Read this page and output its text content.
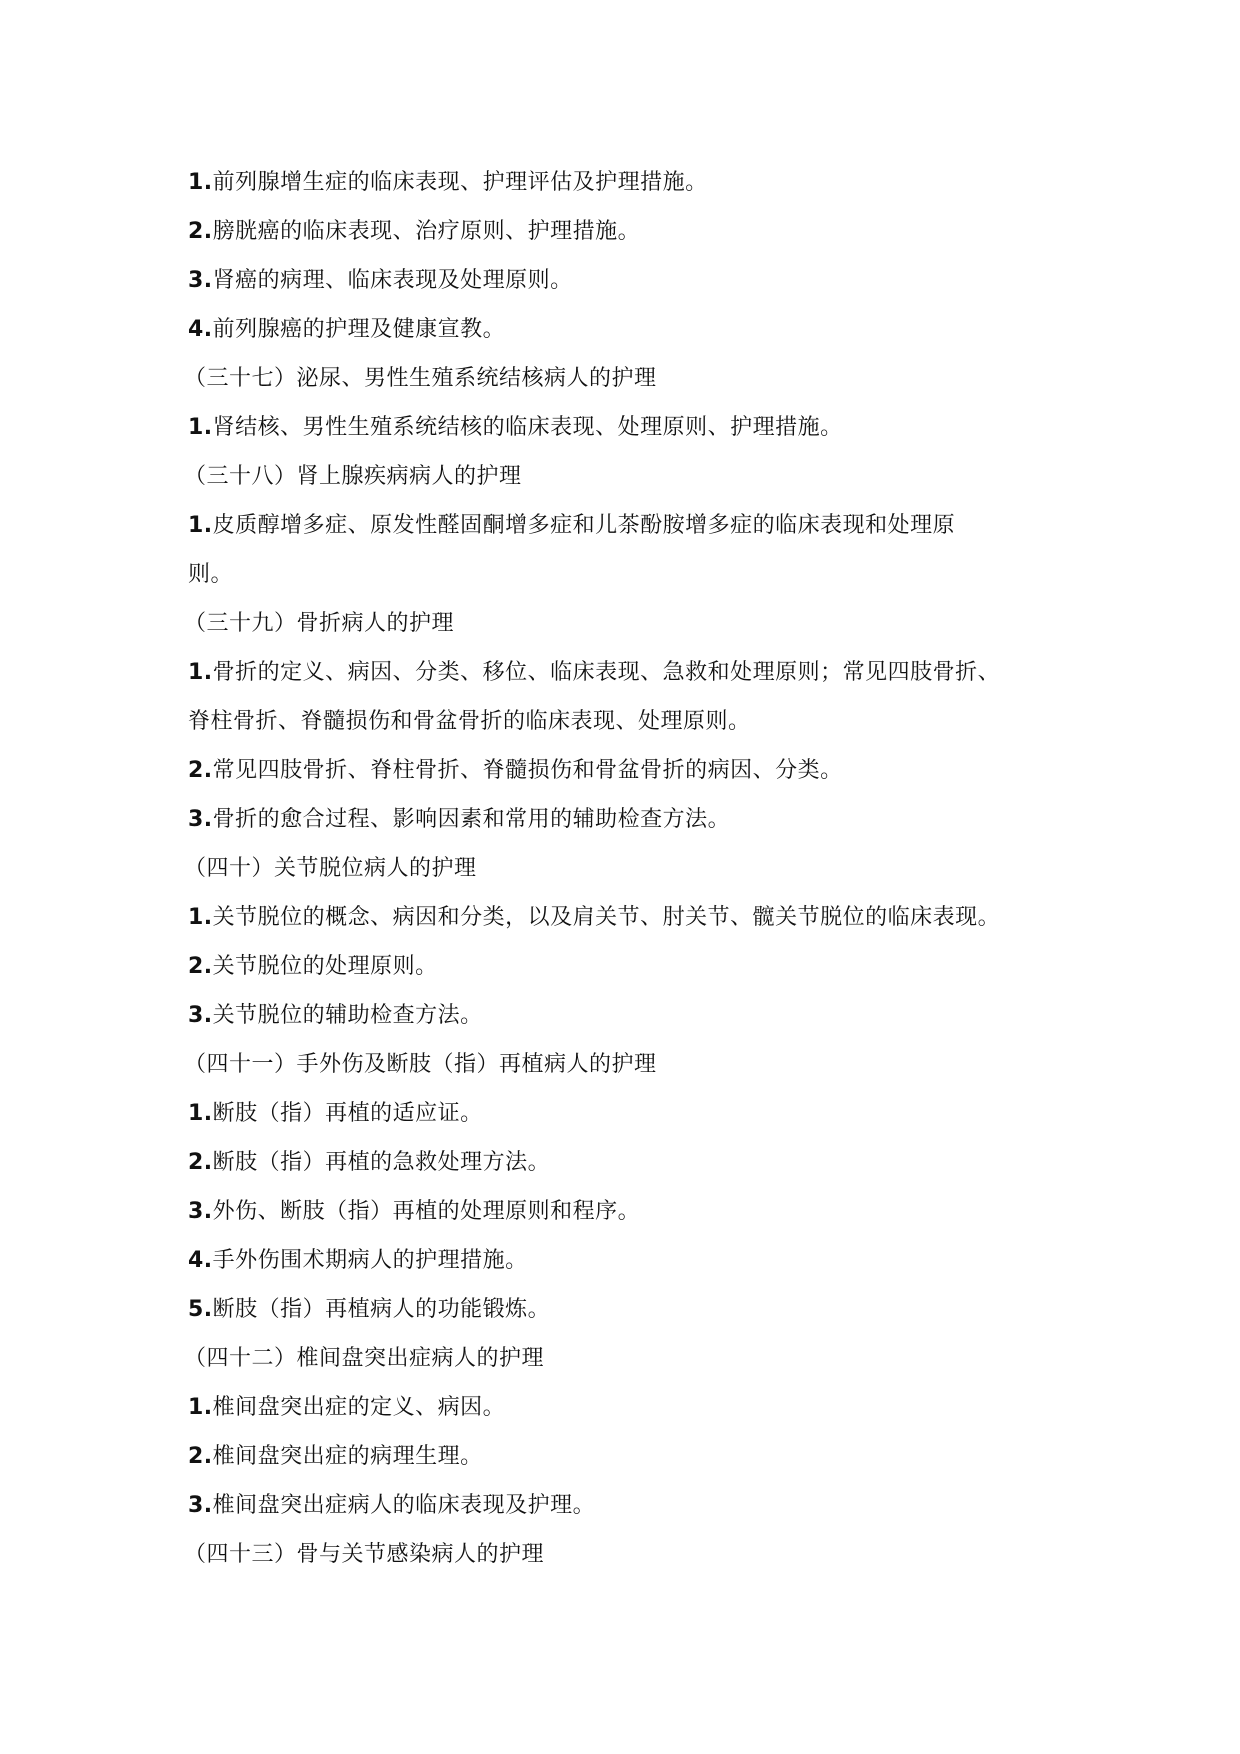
1.前列腺增生症的临床表现、护理评估及护理措施。
2.膀胱癌的临床表现、治疗原则、护理措施。
3.肾癌的病理、临床表现及处理原则。
4.前列腺癌的护理及健康宣教。
（三十七）泌尿、男性生殖系统结核病人的护理
1.肾结核、男性生殖系统结核的临床表现、处理原则、护理措施。
（三十八）肾上腺疾病病人的护理
1.皮质醇增多症、原发性醛固酮增多症和儿茶酚胺增多症的临床表现和处理原
则。
（三十九）骨折病人的护理
1.骨折的定义、病因、分类、移位、临床表现、急救和处理原则；常见四肢骨折、
脊柱骨折、脊髓损伤和骨盆骨折的临床表现、处理原则。
2.常见四肢骨折、脊柱骨折、脊髓损伤和骨盆骨折的病因、分类。
3.骨折的愈合过程、影响因素和常用的辅助检查方法。
（四十）关节脱位病人的护理
1.关节脱位的概念、病因和分类，以及肩关节、肘关节、髋关节脱位的临床表现。
2.关节脱位的处理原则。
3.关节脱位的辅助检查方法。
（四十一）手外伤及断肢（指）再植病人的护理
1.断肢（指）再植的适应证。
2.断肢（指）再植的急救处理方法。
3.外伤、断肢（指）再植的处理原则和程序。
4.手外伤围术期病人的护理措施。
5.断肢（指）再植病人的功能锻炼。
（四十二）椎间盘突出症病人的护理
1.椎间盘突出症的定义、病因。
2.椎间盘突出症的病理生理。
3.椎间盘突出症病人的临床表现及护理。
（四十三）骨与关节感染病人的护理
